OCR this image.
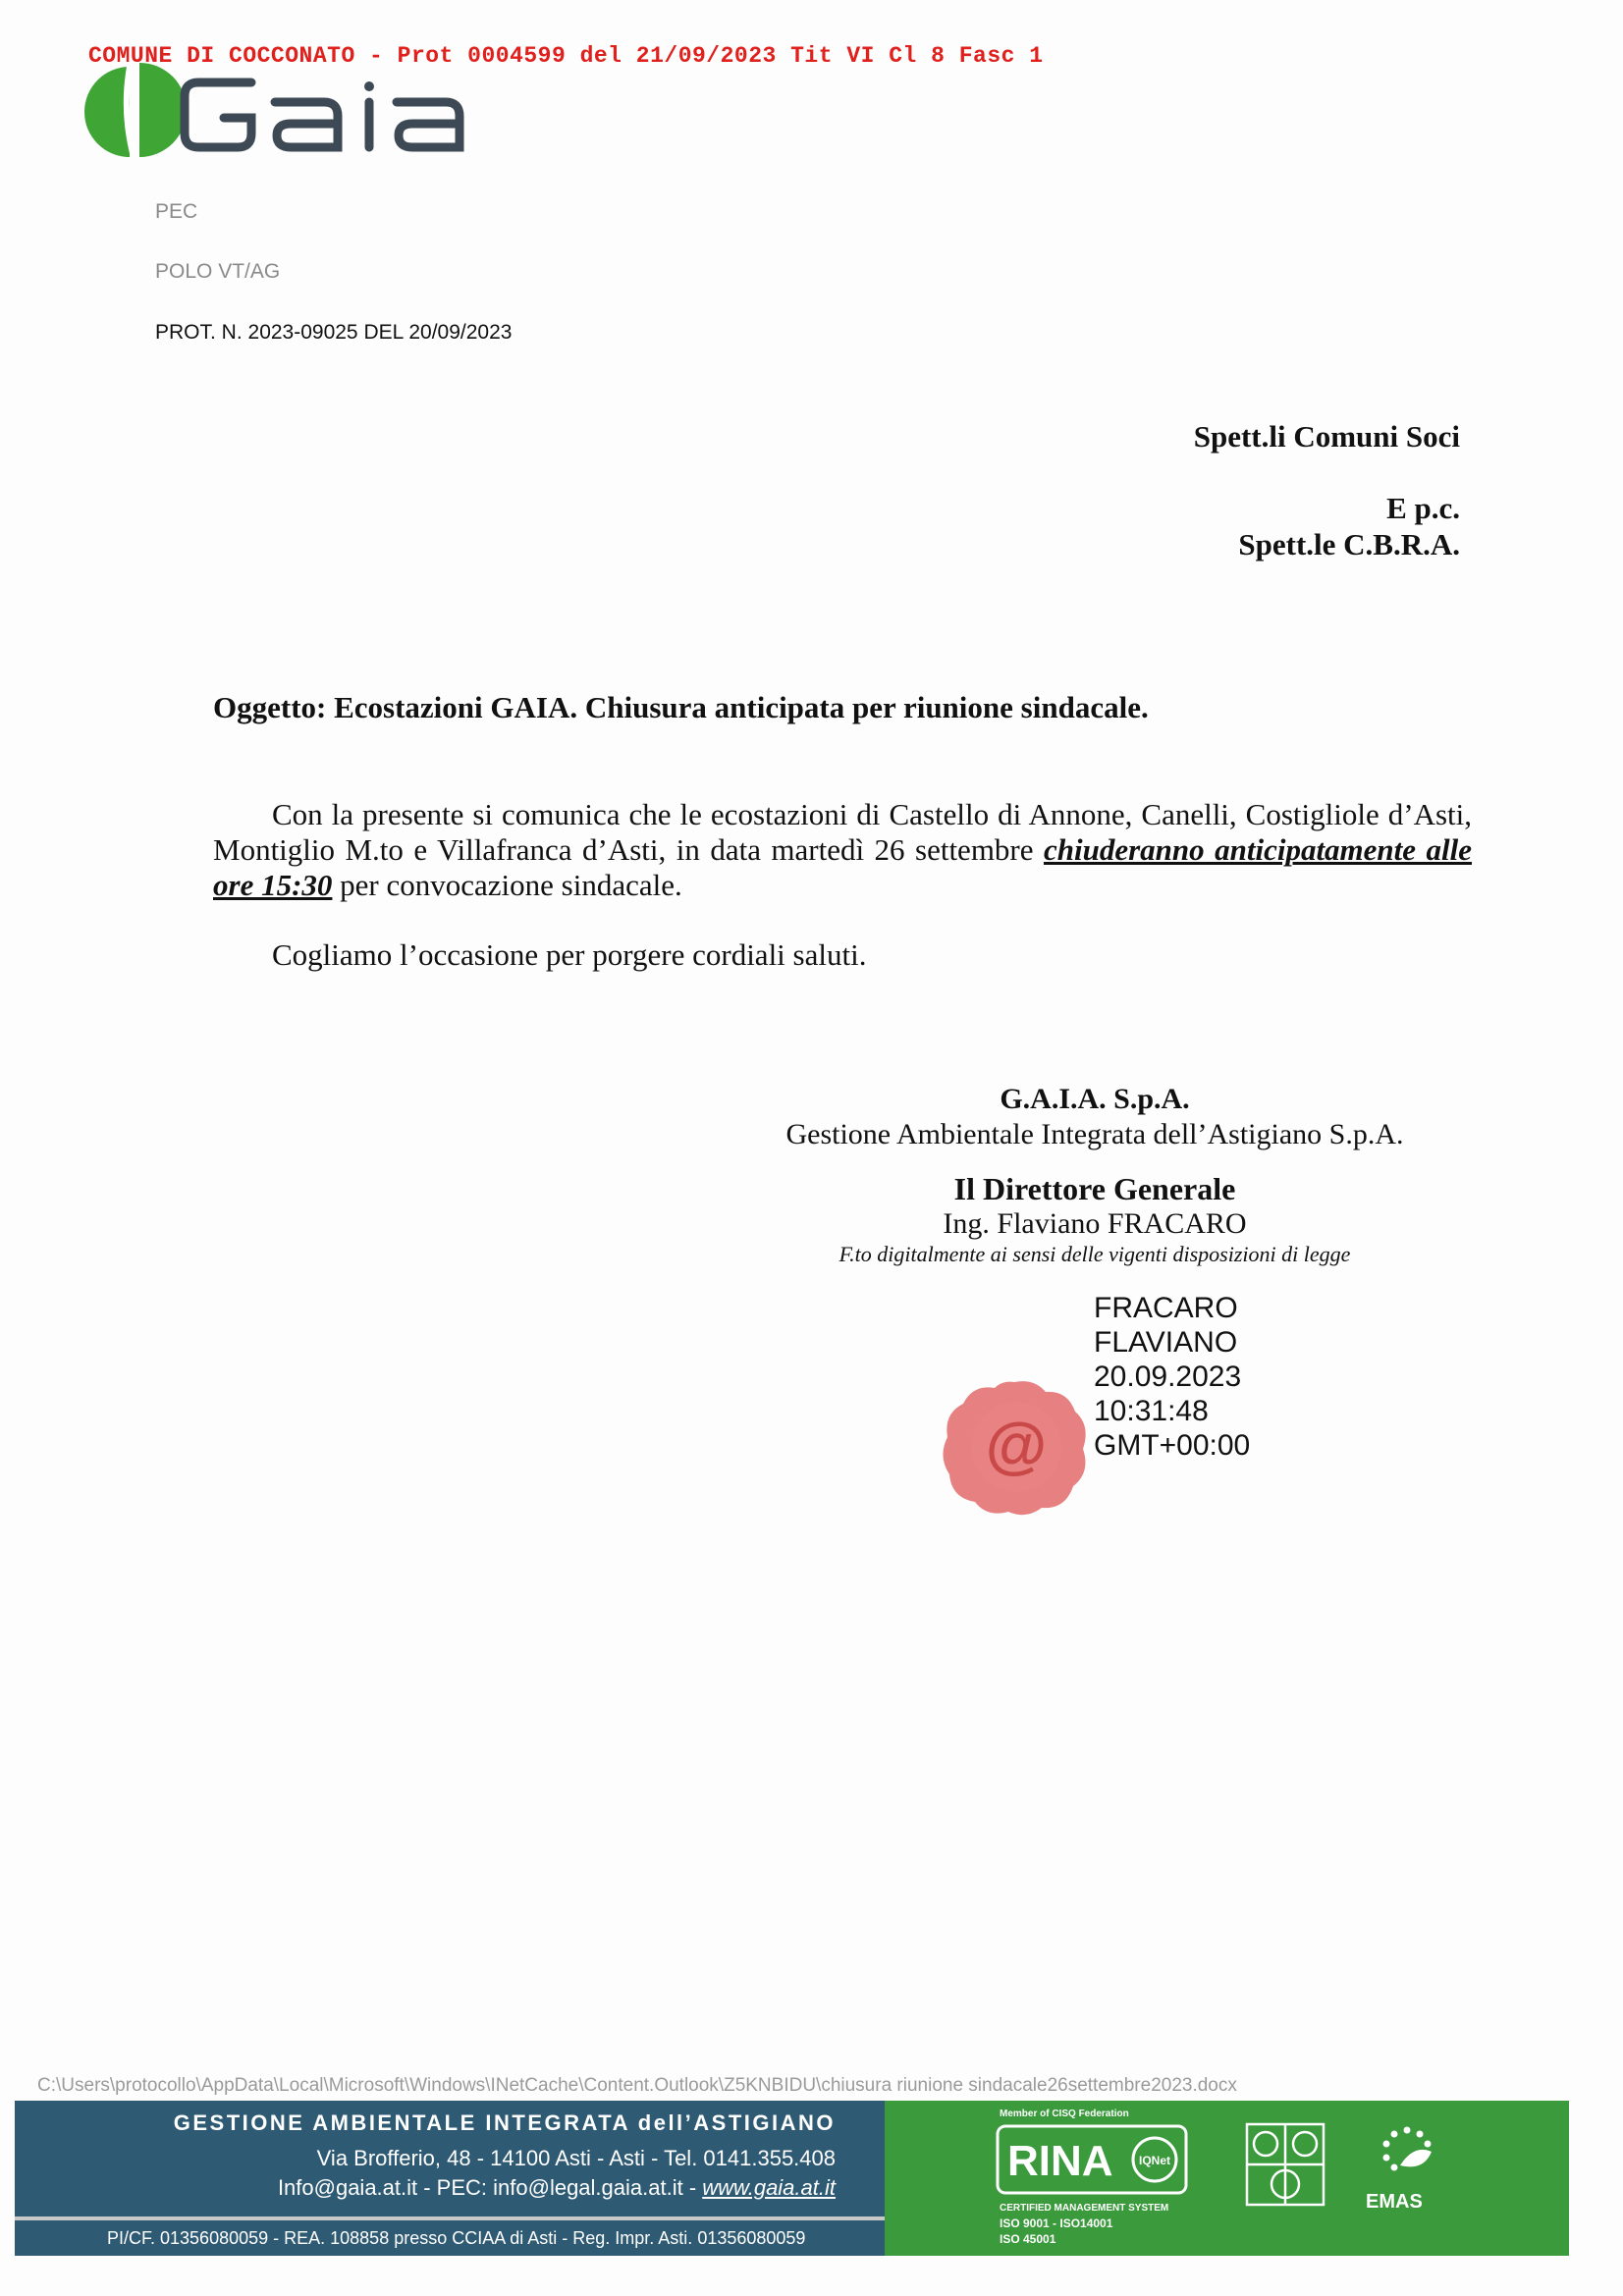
COMUNE DI COCCONATO - Prot 0004599 del 21/09/2023 Tit VI Cl 8 Fasc 1
PEC
POLO VT/AG
PROT. N. 2023-09025 DEL 20/09/2023
Spett.li Comuni Soci
E p.c.
Spett.le C.B.R.A.
Oggetto: Ecostazioni GAIA. Chiusura anticipata per riunione sindacale.
Con la presente si comunica che le ecostazioni di Castello di Annone, Canelli, Costigliole d’Asti, Montiglio M.to e Villafranca d’Asti, in data martedì 26 settembre chiuderanno anticipatamente alle ore 15:30 per convocazione sindacale.
Cogliamo l’occasione per porgere cordiali saluti.
G.A.I.A. S.p.A.
Gestione Ambientale Integrata dell’Astigiano S.p.A.
Il Direttore Generale
Ing. Flaviano FRACARO
F.to digitalmente ai sensi delle vigenti disposizioni di legge
@
FRACARO
FLAVIANO
20.09.2023
10:31:48
GMT+00:00
C:\Users\protocollo\AppData\Local\Microsoft\Windows\INetCache\Content.Outlook\Z5KNBIDU\chiusura riunione sindacale26settembre2023.docx
GESTIONE AMBIENTALE INTEGRATA dell’ASTIGIANO
Via Brofferio, 48 - 14100 Asti - Asti - Tel. 0141.355.408
Info@gaia.at.it - PEC: info@legal.gaia.at.it - www.gaia.at.it
PI/CF. 01356080059 - REA. 108858 presso CCIAA di Asti - Reg. Impr. Asti. 01356080059
Member of CISQ Federation
RINA IQNet
CERTIFIED MANAGEMENT SYSTEM
ISO 9001 - ISO14001
ISO 45001
EMAS
